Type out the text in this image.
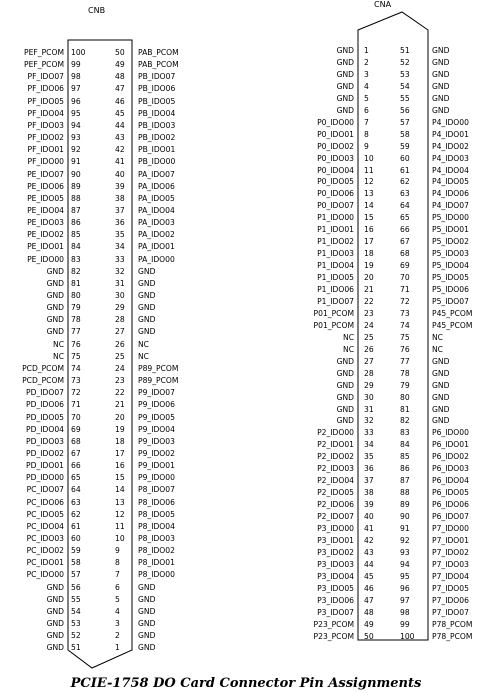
CNB
CNA
PEF_PCOM 100	50	PAB_PCOM
PEF_PCOM 99	49	PAB_PCOM
PF_IDO07 98	48	PB_IDO07
PF_IDO06 97	47	PB_IDO06
PF_IDO05 96	46	PB_IDO05
PF_IDO04 95	45	PB_IDO04
PF_IDO03 94	44	PB_IDO03
PF_IDO02 93	43	PB_IDO02
PF_IDO01 92	42	PB_IDO01
PF_IDO00 91	41	PB_IDO00
PE_IDO07 90	40	PA_IDO07
PE_IDO06 89	39	PA_IDO06
PE_IDO05 88	38	PA_IDO05
PE_IDO04 87	37	PA_IDO04
PE_IDO03 86	36	PA_IDO03
PE_IDO02 85	35	PA_IDO02
PE_IDO01 84	34	PA_IDO01
PE_IDO00 83	33	PA_IDO00
GND 82	32	GND
GND 81	31	GND
GND 80	30	GND
GND 79	29	GND
GND 78	28	GND
GND 77	27	GND
NC 76	26	NC
NC 75	25	NC
PCD_PCOM 74	24	P89_PCOM
PCD_PCOM 73	23	P89_PCOM
PD_IDO07 72	22	P9_IDO07
PD_IDO06 71	21	P9_IDO06
PD_IDO05 70	20	P9_IDO05
PD_IDO04 69	19	P9_IDO04
PD_IDO03 68	18	P9_IDO03
PD_IDO02 67	17	P9_IDO02
PD_IDO01 66	16	P9_IDO01
PD_IDO00 65	15	P9_IDO00
PC_IDO07 64	14	P8_IDO07
PC_IDO06 63	13	P8_IDO06
PC_IDO05 62	12	P8_IDO05
PC_IDO04 61	11	P8_IDO04
PC_IDO03 60	10	P8_IDO03
PC_IDO02 59	9	P8_IDO02
PC_IDO01 58	8	P8_IDO01
PC_IDO00 57	7	P8_IDO00
GND 56	6	GND
GND 55	5	GND
GND 54	4	GND
GND 53	3	GND
GND 52	2	GND
GND 51	1	GND
GND 1	51	GND
GND 2	52	GND
GND 3	53	GND
GND 4	54	GND
GND 5	55	GND
GND 6	56	GND
P0_IDO00 7	57	P4_IDO00
P0_IDO01 8	58	P4_IDO01
P0_IDO02 9	59	P4_IDO02
P0_IDO03 10	60	P4_IDO03
P0_IDO04 11	61	P4_IDO04
P0_IDO05 12	62	P4_IDO05
P0_IDO06 13	63	P4_IDO06
P0_IDO07 14	64	P4_IDO07
P1_IDO00 15	65	P5_IDO00
P1_IDO01 16	66	P5_IDO01
P1_IDO02 17	67	P5_IDO02
P1_IDO03 18	68	P5_IDO03
P1_IDO04 19	69	P5_IDO04
P1_IDO05 20	70	P5_IDO05
P1_IDO06 21	71	P5_IDO06
P1_IDO07 22	72	P5_IDO07
P01_PCOM 23	73	P45_PCOM
P01_PCOM 24	74	P45_PCOM
NC 25	75	NC
NC 26	76	NC
GND 27	77	GND
GND 28	78	GND
GND 29	79	GND
GND 30	80	GND
GND 31	81	GND
GND 32	82	GND
P2_IDO00 33	83	P6_IDO00
P2_IDO01 34	84	P6_IDO01
P2_IDO02 35	85	P6_IDO02
P2_IDO03 36	86	P6_IDO03
P2_IDO04 37	87	P6_IDO04
P2_IDO05 38	88	P6_IDO05
P2_IDO06 39	89	P6_IDO06
P2_IDO07 40	90	P6_IDO07
P3_IDO00 41	91	P7_IDO00
P3_IDO01 42	92	P7_IDO01
P3_IDO02 43	93	P7_IDO02
P3_IDO03 44	94	P7_IDO03
P3_IDO04 45	95	P7_IDO04
P3_IDO05 46	96	P7_IDO05
P3_IDO06 47	97	P7_IDO06
P3_IDO07 48	98	P7_IDO07
P23_PCOM 49	99	P78_PCOM
P23_PCOM 50	100	P78_PCOM
PCIE-1758 DO Card Connector Pin Assignments
